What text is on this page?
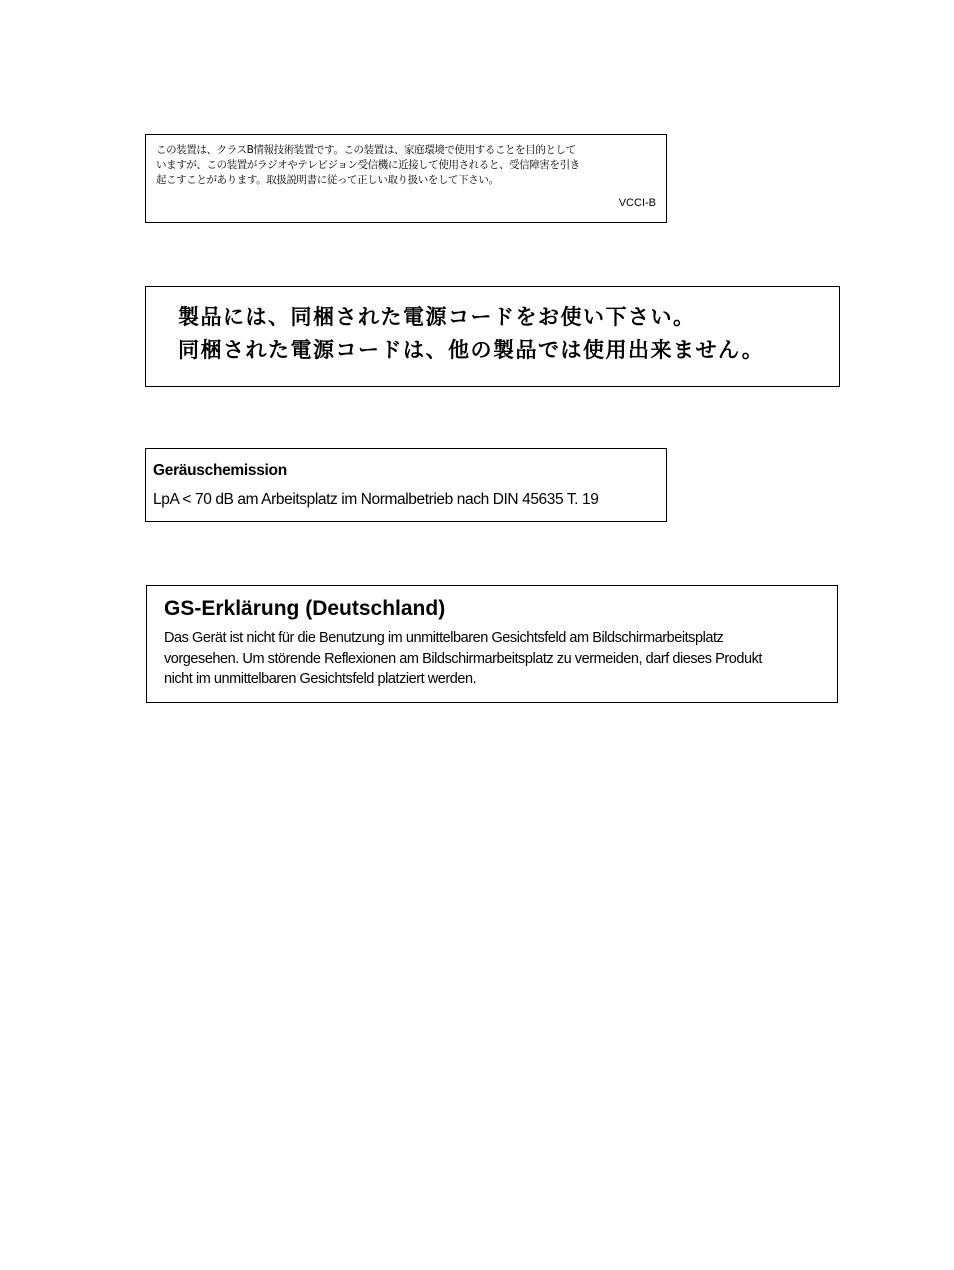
この装置は、クラスB情報技術装置です。この装置は、家庭環境で使用することを目的として
いますが、この装置がラジオやテレビジョン受信機に近接して使用されると、受信障害を引き
起こすことがあります。取扱説明書に従って正しい取り扱いをして下さい。
VCCI-B
製品には、同梱された電源コードをお使い下さい。
同梱された電源コードは、他の製品では使用出来ません。
Geräuschemission
LpA < 70 dB am Arbeitsplatz im Normalbetrieb nach DIN 45635 T. 19
GS-Erklärung (Deutschland)
Das Gerät ist nicht für die Benutzung im unmittelbaren Gesichtsfeld am Bildschirmarbeitsplatz
vorgesehen. Um störende Reflexionen am Bildschirmarbeitsplatz zu vermeiden, darf dieses Produkt
nicht im unmittelbaren Gesichtsfeld platziert werden.
